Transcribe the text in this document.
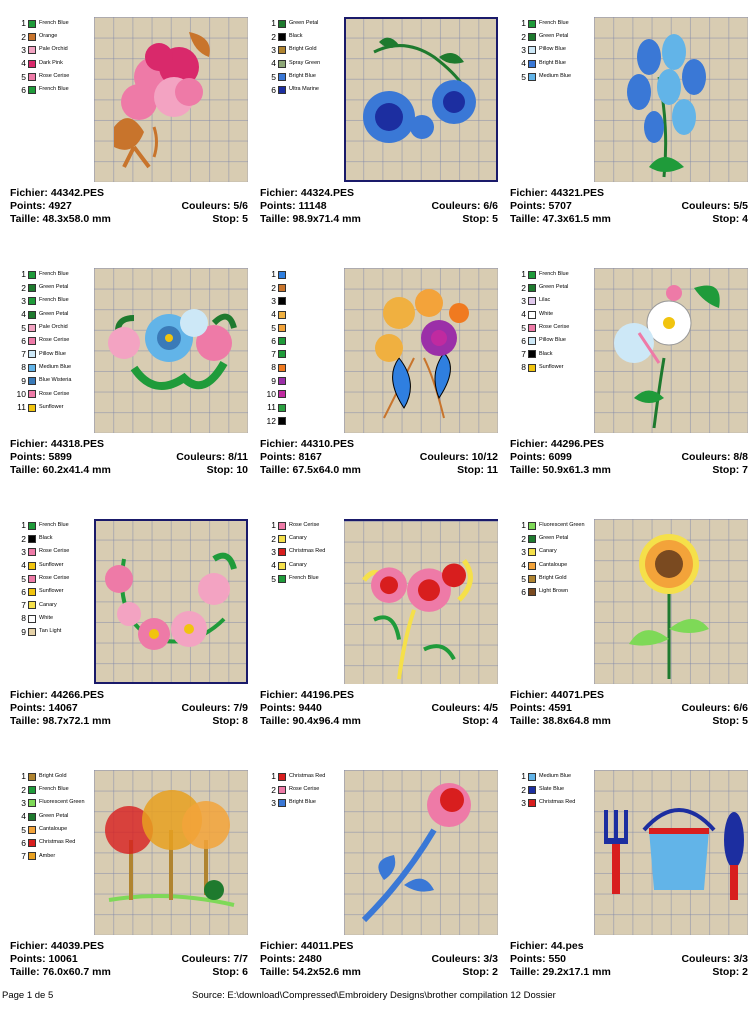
1 French Blue
2 Orange
3 Pale Orchid
4 Dark Pink
5 Rose Cerise
6 French Blue
Fichier: 44342.PES
Points: 4927	Couleurs: 5/6
Taille: 48.3x58.0 mm	Stop: 5
1 Green Petal
2 Black
3 Bright Gold
4 Spray Green
5 Bright Blue
6 Ultra Marine
Fichier: 44324.PES
Points: 11148	Couleurs: 6/6
Taille: 98.9x71.4 mm	Stop: 5
1 French Blue
2 Green Petal
3 Pillow Blue
4 Bright Blue
5 Medium Blue
Fichier: 44321.PES
Points: 5707	Couleurs: 5/5
Taille: 47.3x61.5 mm	Stop: 4
1 French Blue
2 Green Petal
3 French Blue
4 Green Petal
5 Pale Orchid
6 Rose Cerise
7 Pillow Blue
8 Medium Blue
9 Blue Wisteria
10 Rose Cerise
11 Sunflower
Fichier: 44318.PES
Points: 5899	Couleurs: 8/11
Taille: 60.2x41.4 mm	Stop: 10
1
2
3
4
5
6
7
8
9
10
11
12
Fichier: 44310.PES
Points: 8167	Couleurs: 10/12
Taille: 67.5x64.0 mm	Stop: 11
1 French Blue
2 Green Petal
3 Lilac
4 White
5 Rose Cerise
6 Pillow Blue
7 Black
8 Sunflower
Fichier: 44296.PES
Points: 6099	Couleurs: 8/8
Taille: 50.9x61.3 mm	Stop: 7
1 French Blue
2 Black
3 Rose Cerise
4 Sunflower
5 Rose Cerise
6 Sunflower
7 Canary
8 White
9 Tan Light
Fichier: 44266.PES
Points: 14067	Couleurs: 7/9
Taille: 98.7x72.1 mm	Stop: 8
1 Rose Cerise
2 Canary
3 Christmas Red
4 Canary
5 French Blue
Fichier: 44196.PES
Points: 9440	Couleurs: 4/5
Taille: 90.4x96.4 mm	Stop: 4
1 Fluorescent Green
2 Green Petal
3 Canary
4 Cantaloupe
5 Bright Gold
6 Light Brown
Fichier: 44071.PES
Points: 4591	Couleurs: 6/6
Taille: 38.8x64.8 mm	Stop: 5
1 Bright Gold
2 French Blue
3 Fluorescent Green
4 Green Petal
5 Cantaloupe
6 Christmas Red
7 Amber
Fichier: 44039.PES
Points: 10061	Couleurs: 7/7
Taille: 76.0x60.7 mm	Stop: 6
1 Christmas Red
2 Rose Cerise
3 Bright Blue
Fichier: 44011.PES
Points: 2480	Couleurs: 3/3
Taille: 54.2x52.6 mm	Stop: 2
1 Medium Blue
2 Slate Blue
3 Christmas Red
Fichier: 44.pes
Points: 550	Couleurs: 3/3
Taille: 29.2x17.1 mm	Stop: 2
Page 1 de 5	Source: E:\download\Compressed\Embroidery Designs\brother compilation 12 Dossier
